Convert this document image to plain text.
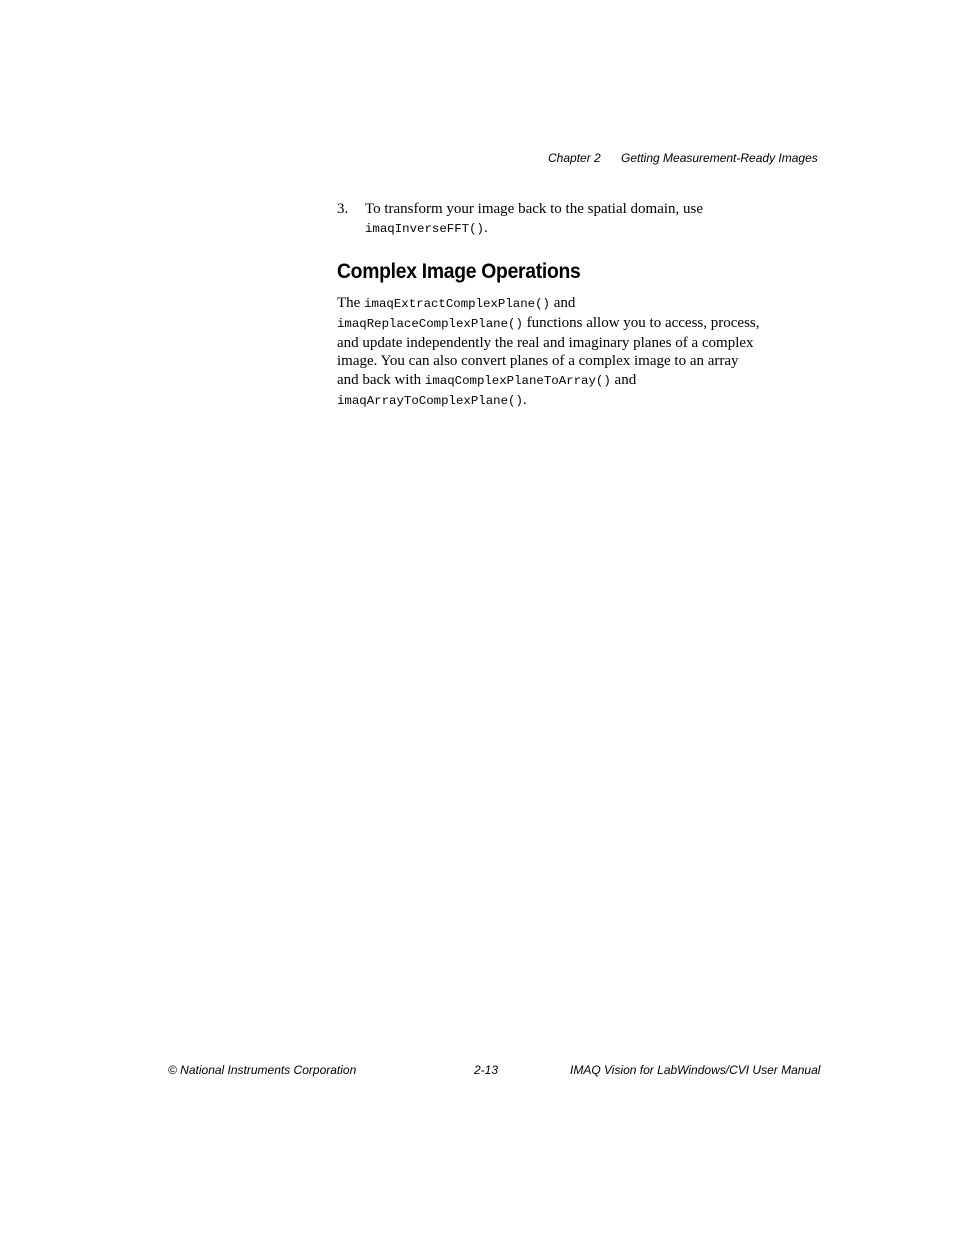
Chapter 2 Getting Measurement-Ready Images
3. To transform your image back to the spatial domain, use
imaqInverseFFT().
Complex Image Operations
The imaqExtractComplexPlane() and
imaqReplaceComplexPlane() functions allow you to access, process,
and update independently the real and imaginary planes of a complex
image. You can also convert planes of a complex image to an array
and back with imaqComplexPlaneToArray() and
imaqArrayToComplexPlane().
© National Instruments Corporation	2-13	IMAQ Vision for LabWindows/CVI User Manual
